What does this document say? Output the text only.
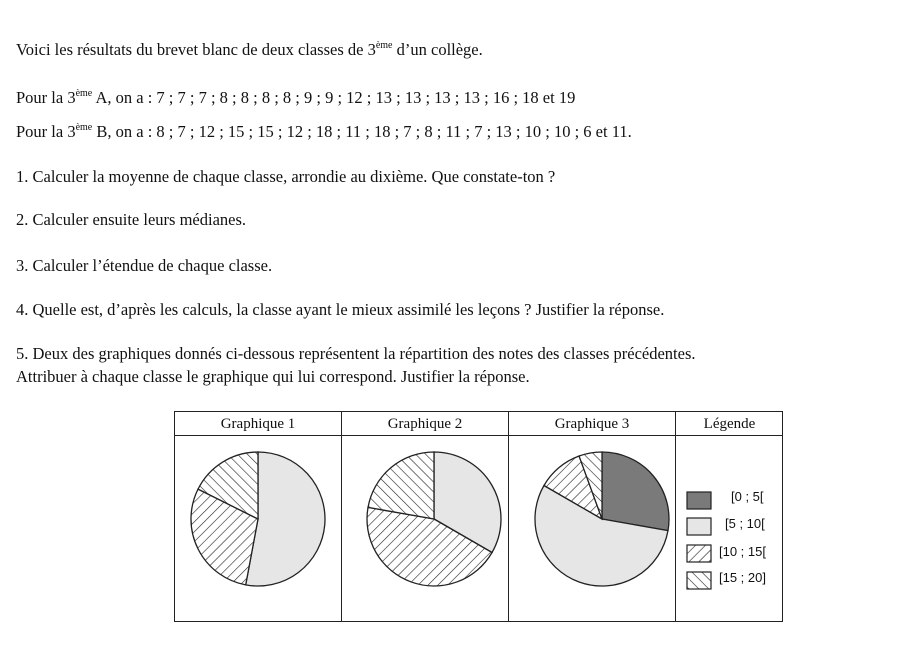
Voici les résultats du brevet blanc de deux classes de 3ème d’un collège.
Pour la 3ème A, on a : 7 ; 7 ; 7 ; 8 ; 8 ; 8 ; 8 ; 9 ; 9 ; 12 ; 13 ; 13 ; 13 ; 13 ; 16 ; 18 et 19
Pour la 3ème B, on a : 8 ; 7 ; 12 ; 15 ; 15 ; 12 ; 18 ; 11 ; 18 ; 7 ; 8 ; 11 ; 7 ; 13 ; 10 ; 10 ; 6 et 11.
1. Calculer la moyenne de chaque classe, arrondie au dixième. Que constate-ton ?
2. Calculer ensuite leurs médianes.
3. Calculer l’étendue de chaque classe.
4. Quelle est, d’après les calculs, la classe ayant le mieux assimilé les leçons ? Justifier la réponse.
5. Deux des graphiques donnés ci-dessous représentent la répartition des notes des classes précédentes.
Attribuer à chaque classe le graphique qui lui correspond. Justifier la réponse.
Graphique 1	Graphique 2	Graphique 3	Légende
[0 ; 5[
[5 ; 10[
[10 ; 15[
[15 ; 20]
